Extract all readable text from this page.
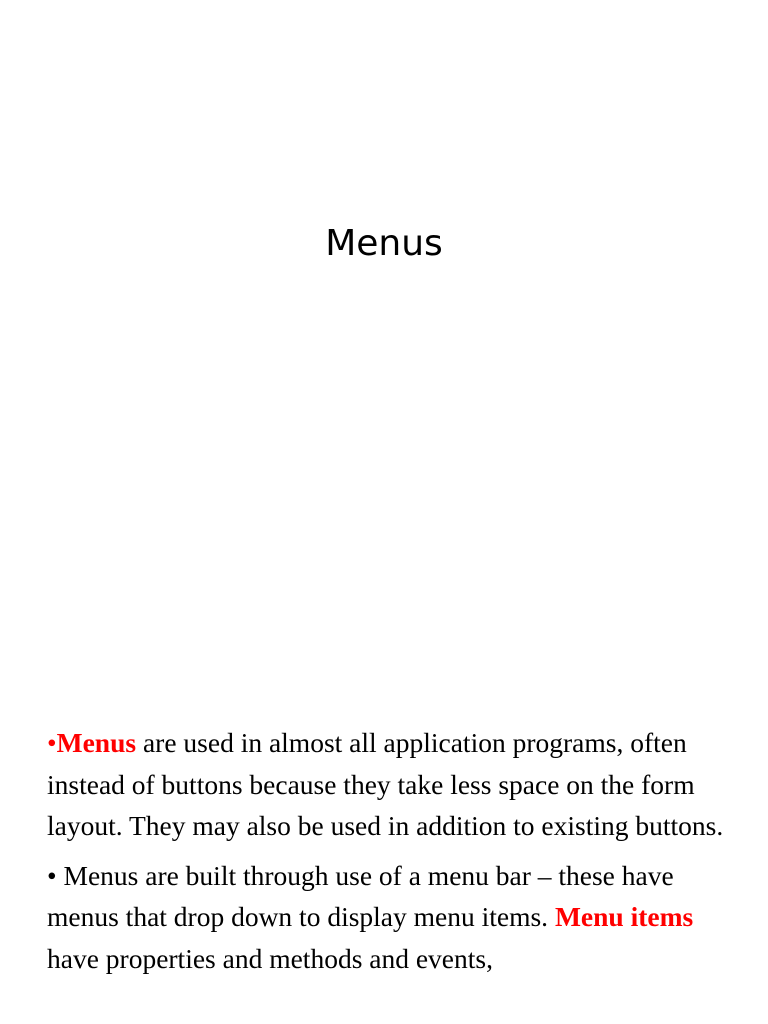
Menus

•Menus are used in almost all application programs, often instead of buttons because they take less space on the form layout. They may also be used in addition to existing buttons.

• Menus are built through use of a menu bar – these have menus that drop down to display menu items. Menu items have properties and methods and events,
